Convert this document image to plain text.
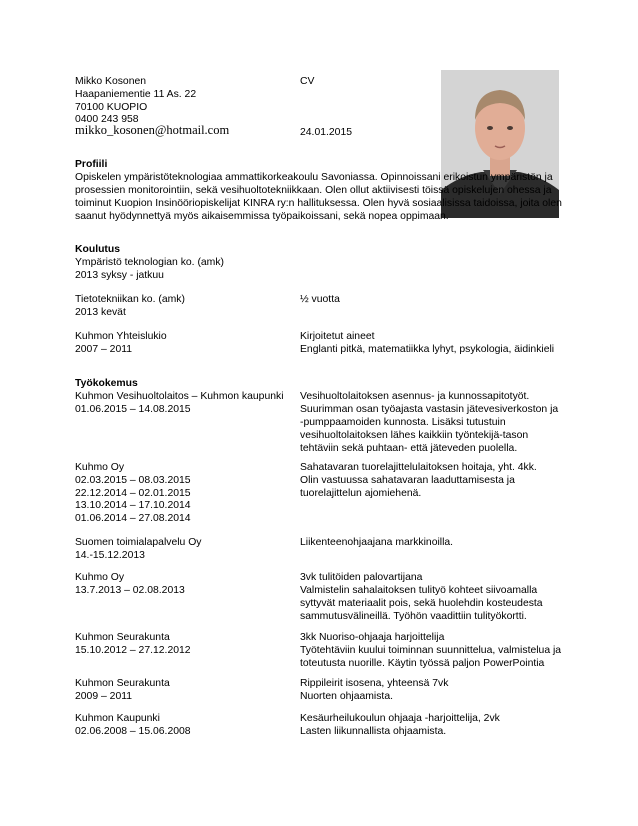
Mikko Kosonen
Haapaniementie 11 As. 22
70100 KUOPIO
0400 243 958
mikko_kosonen@hotmail.com
CV
24.01.2015
Profiili
Opiskelen ympäristöteknologiaa ammattikorkeakoulu Savoniassa. Opinnoissani erikoistun ympäristön ja prosessien monitorointiin, sekä vesihuoltotekniikkaan. Olen ollut aktiivisesti töissä opiskelujen ohessa ja toiminut Kuopion Insinööriopiskelijat KINRA ry:n hallituksessa. Olen hyvä sosiaalisissa taidoissa, joita olen saanut hyödynnettyä myös aikaisemmissa työpaikoissani, sekä nopea oppimaan.
Koulutus
Ympäristö teknologian ko. (amk)
2013 syksy - jatkuu
Tietotekniikan ko. (amk)
2013 kevät
½ vuotta
Kuhmon Yhteislukio
2007 – 2011
Kirjoitetut aineet
Englanti pitkä, matematiikka lyhyt, psykologia, äidinkieli
Työkokemus
Kuhmon Vesihuoltolaitos – Kuhmon kaupunki
01.06.2015 – 14.08.2015
Vesihuoltolaitoksen asennus- ja kunnossapitotyöt.
Suurimman osan työajasta vastasin jätevesiverkoston ja
-pumppaamoiden kunnosta. Lisäksi tutustuin
vesihuoltolaitoksen lähes kaikkiin työntekijä-tason
tehtäviin sekä puhtaan- että jäteveden puolella.
Kuhmo Oy
02.03.2015 – 08.03.2015
22.12.2014 – 02.01.2015
13.10.2014 – 17.10.2014
01.06.2014 – 27.08.2014
Sahatavaran tuorelajittelulaitoksen hoitaja, yht. 4kk.
Olin vastuussa sahatavaran laaduttamisesta ja
tuorelajittelun ajomiehenä.
Suomen toimialapalvelu Oy
14.-15.12.2013
Liikenteenohjaajana markkinoilla.
Kuhmo Oy
13.7.2013 – 02.08.2013
3vk tulitöiden palovartijana
Valmistelin sahalaitoksen tulityö kohteet siivoamalla
syttyvät materiaalit pois, sekä huolehdin kosteudesta
sammutusvälineillä. Työhön vaadittiin tulityökortti.
Kuhmon Seurakunta
15.10.2012 – 27.12.2012
3kk Nuoriso-ohjaaja harjoittelija
Työtehtäviin kuului toiminnan suunnittelua, valmistelua ja
toteutusta nuorille. Käytin työssä paljon PowerPointia
Kuhmon Seurakunta
2009 – 2011
Rippileirit isosena, yhteensä 7vk
Nuorten ohjaamista.
Kuhmon Kaupunki
02.06.2008 – 15.06.2008
Kesäurheilukoulun ohjaaja -harjoittelija, 2vk
Lasten liikunnallista ohjaamista.
